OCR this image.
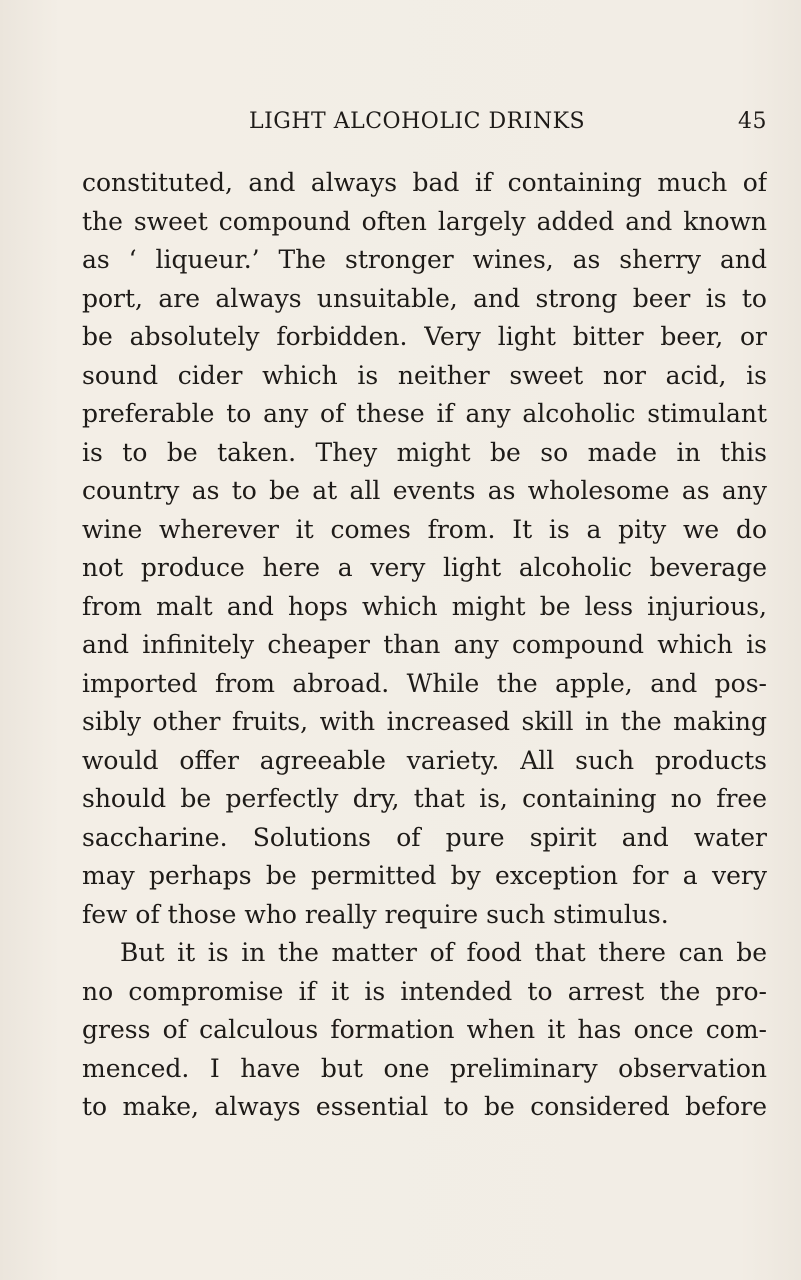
LIGHT ALCOHOLIC DRINKS	45
constituted, and always bad if containing much of
the sweet compound often largely added and known
as ‘ liqueur.’ The stronger wines, as sherry and
port, are always unsuitable, and strong beer is to
be absolutely forbidden. Very light bitter beer, or
sound cider which is neither sweet nor acid, is
preferable to any of these if any alcoholic stimulant
is to be taken. They might be so made in this
country as to be at all events as wholesome as any
wine wherever it comes from. It is a pity we do
not produce here a very light alcoholic beverage
from malt and hops which might be less injurious,
and infinitely cheaper than any compound which is
imported from abroad. While the apple, and pos-
sibly other fruits, with increased skill in the making
would offer agreeable variety. All such products
should be perfectly dry, that is, containing no free
saccharine. Solutions of pure spirit and water
may perhaps be permitted by exception for a very
few of those who really require such stimulus.
But it is in the matter of food that there can be
no compromise if it is intended to arrest the pro-
gress of calculous formation when it has once com-
menced. I have but one preliminary observation
to make, always essential to be considered before
